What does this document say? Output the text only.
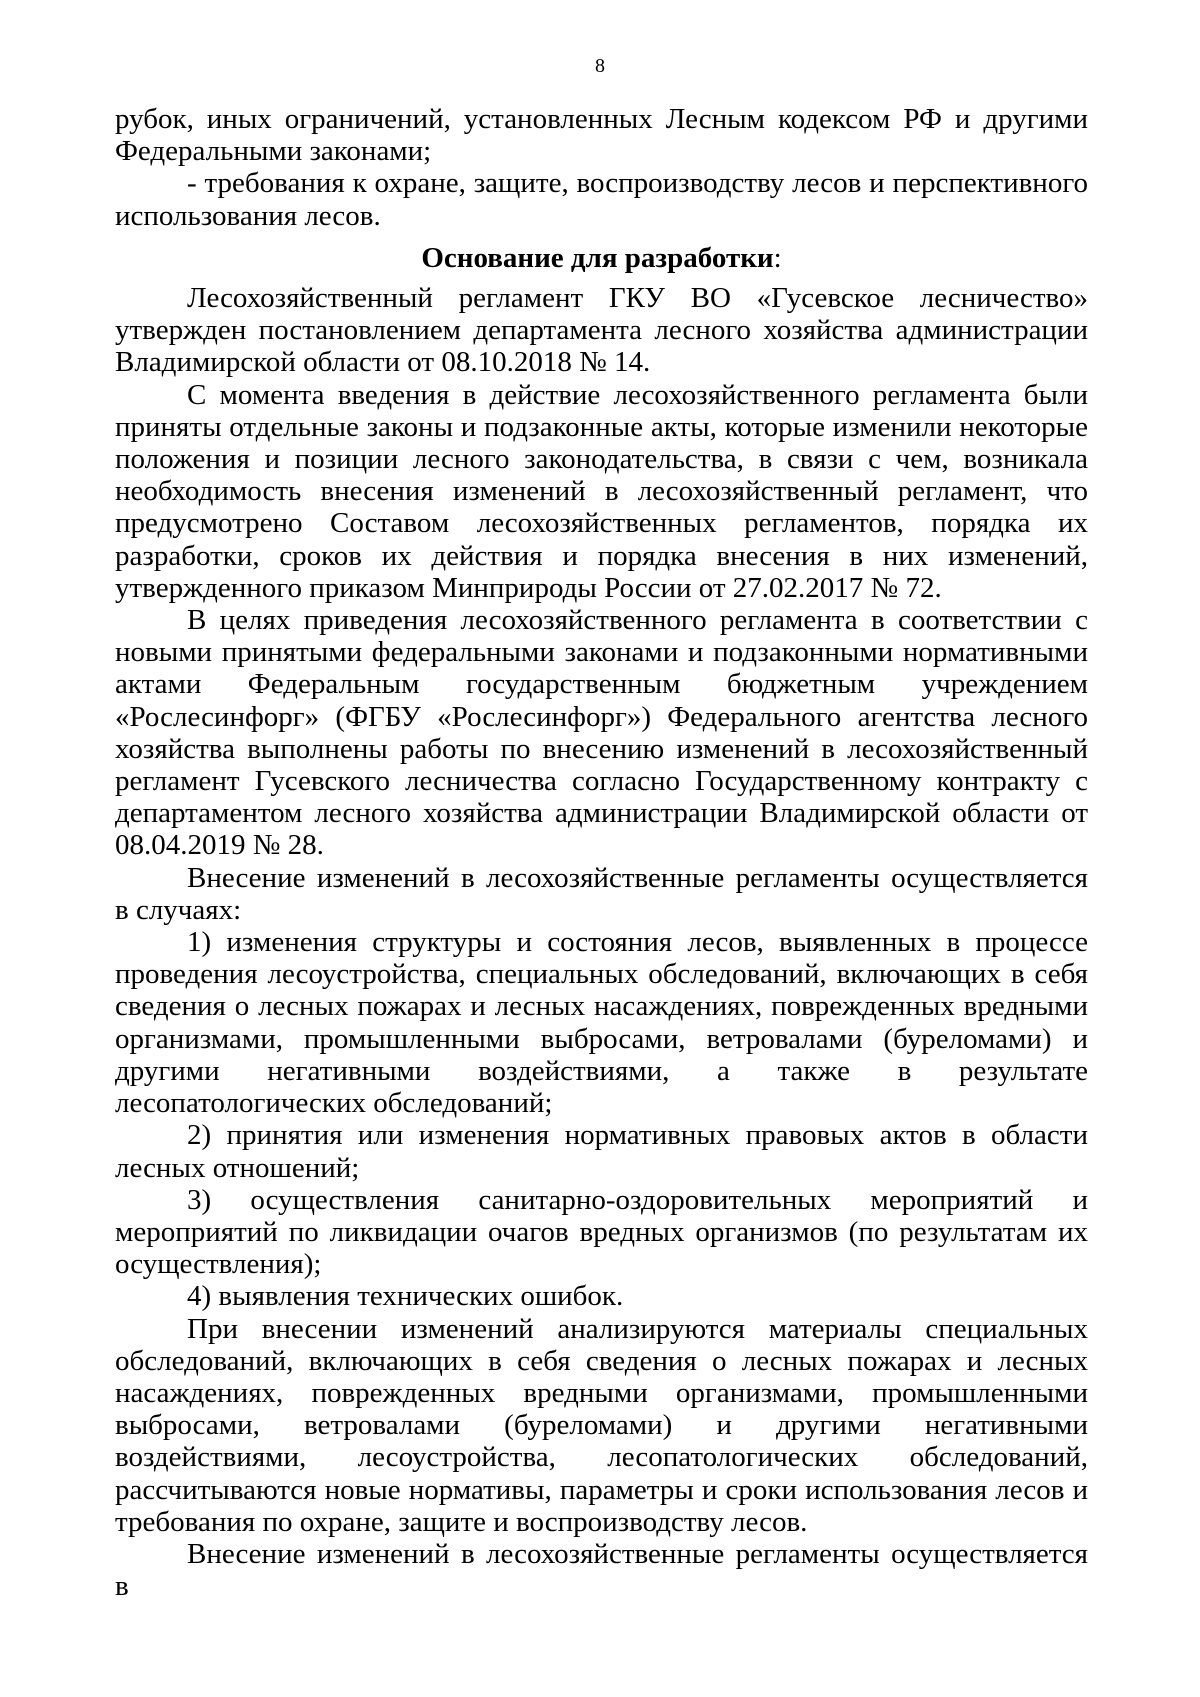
8

рубок, иных ограничений, установленных Лесным кодексом РФ и другими Федеральными законами;

- требования к охране, защите, воспроизводству лесов и перспективного использования лесов.

Основание для разработки:

Лесохозяйственный регламент ГКУ ВО «Гусевское лесничество» утвержден постановлением департамента лесного хозяйства администрации Владимирской области от 08.10.2018 № 14.

С момента введения в действие лесохозяйственного регламента были приняты отдельные законы и подзаконные акты, которые изменили некоторые положения и позиции лесного законодательства, в связи с чем, возникала необходимость внесения изменений в лесохозяйственный регламент, что предусмотрено Составом лесохозяйственных регламентов, порядка их разработки, сроков их действия и порядка внесения в них изменений, утвержденного приказом Минприроды России от 27.02.2017 № 72.

В целях приведения лесохозяйственного регламента в соответствии с новыми принятыми федеральными законами и подзаконными нормативными актами Федеральным государственным бюджетным учреждением «Рослесинфорг» (ФГБУ «Рослесинфорг») Федерального агентства лесного хозяйства выполнены работы по внесению изменений в лесохозяйственный регламент Гусевского лесничества согласно Государственному контракту с департаментом лесного хозяйства администрации Владимирской области от 08.04.2019 № 28.

Внесение изменений в лесохозяйственные регламенты осуществляется в случаях:

1) изменения структуры и состояния лесов, выявленных в процессе проведения лесоустройства, специальных обследований, включающих в себя сведения о лесных пожарах и лесных насаждениях, поврежденных вредными организмами, промышленными выбросами, ветровалами (буреломами) и другими негативными воздействиями, а также в результате лесопатологических обследований;

2) принятия или изменения нормативных правовых актов в области лесных отношений;

3) осуществления санитарно-оздоровительных мероприятий и мероприятий по ликвидации очагов вредных организмов (по результатам их осуществления);

4) выявления технических ошибок.

При внесении изменений анализируются материалы специальных обследований, включающих в себя сведения о лесных пожарах и лесных насаждениях, поврежденных вредными организмами, промышленными выбросами, ветровалами (буреломами) и другими негативными воздействиями, лесоустройства, лесопатологических обследований, рассчитываются новые нормативы, параметры и сроки использования лесов и требования по охране, защите и воспроизводству лесов.

Внесение изменений в лесохозяйственные регламенты осуществляется в
